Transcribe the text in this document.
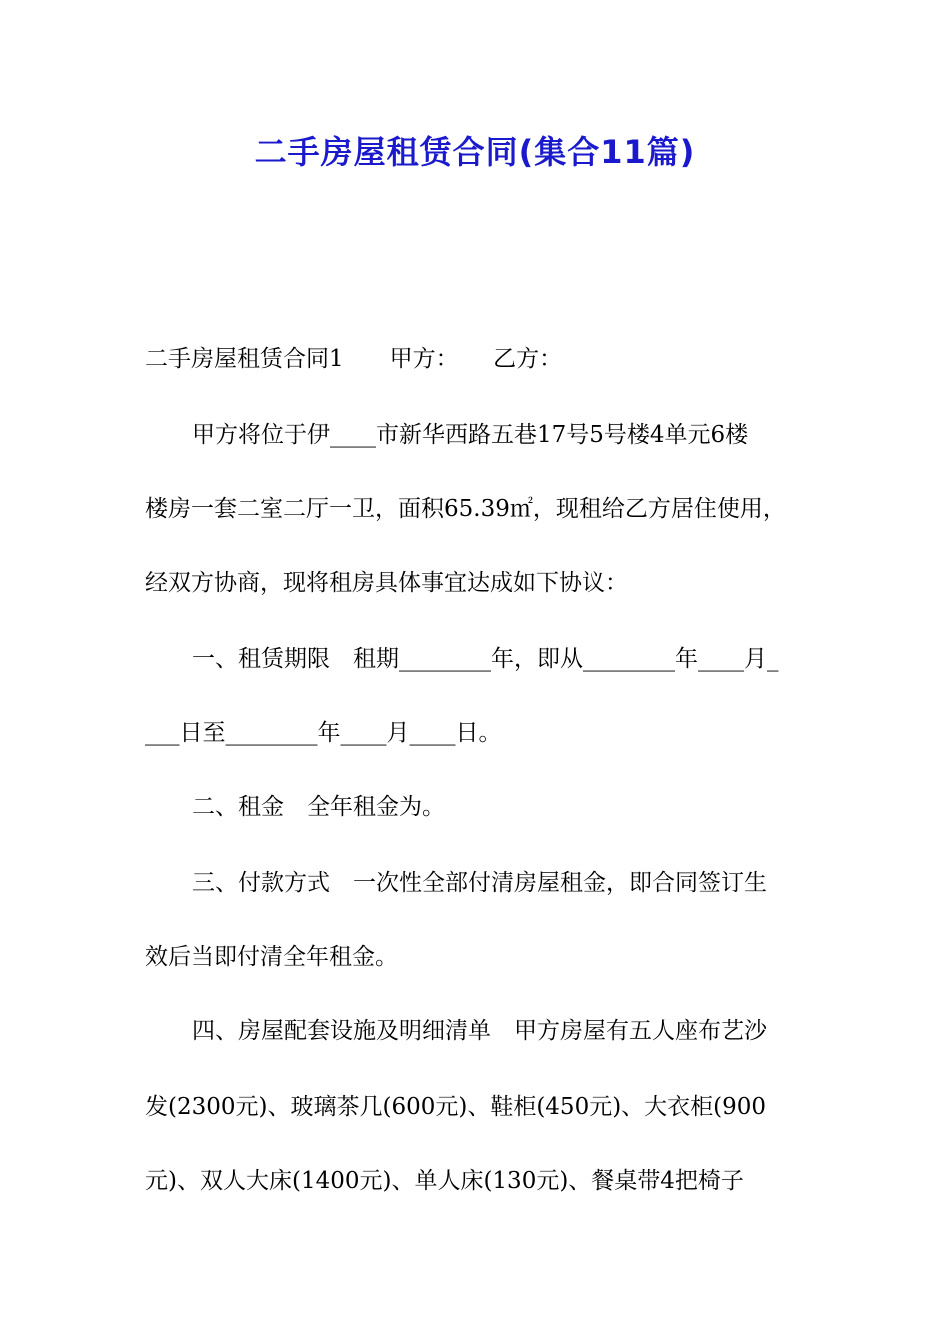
二手房屋租赁合同(集合11篇)
二手房屋租赁合同1　　甲方：　　乙方：
甲方将位于伊____市新华西路五巷17号5号楼4单元6楼
楼房一套二室二厅一卫，面积65.39㎡，现租给乙方居住使用，
经双方协商，现将租房具体事宜达成如下协议：
一、租赁期限　租期________年，即从________年____月_
___日至________年____月____日。
二、租金　全年租金为。
三、付款方式　一次性全部付清房屋租金，即合同签订生
效后当即付清全年租金。
四、房屋配套设施及明细清单　甲方房屋有五人座布艺沙
发(2300元)、玻璃茶几(600元)、鞋柜(450元)、大衣柜(900
元)、双人大床(1400元)、单人床(130元)、餐桌带4把椅子
